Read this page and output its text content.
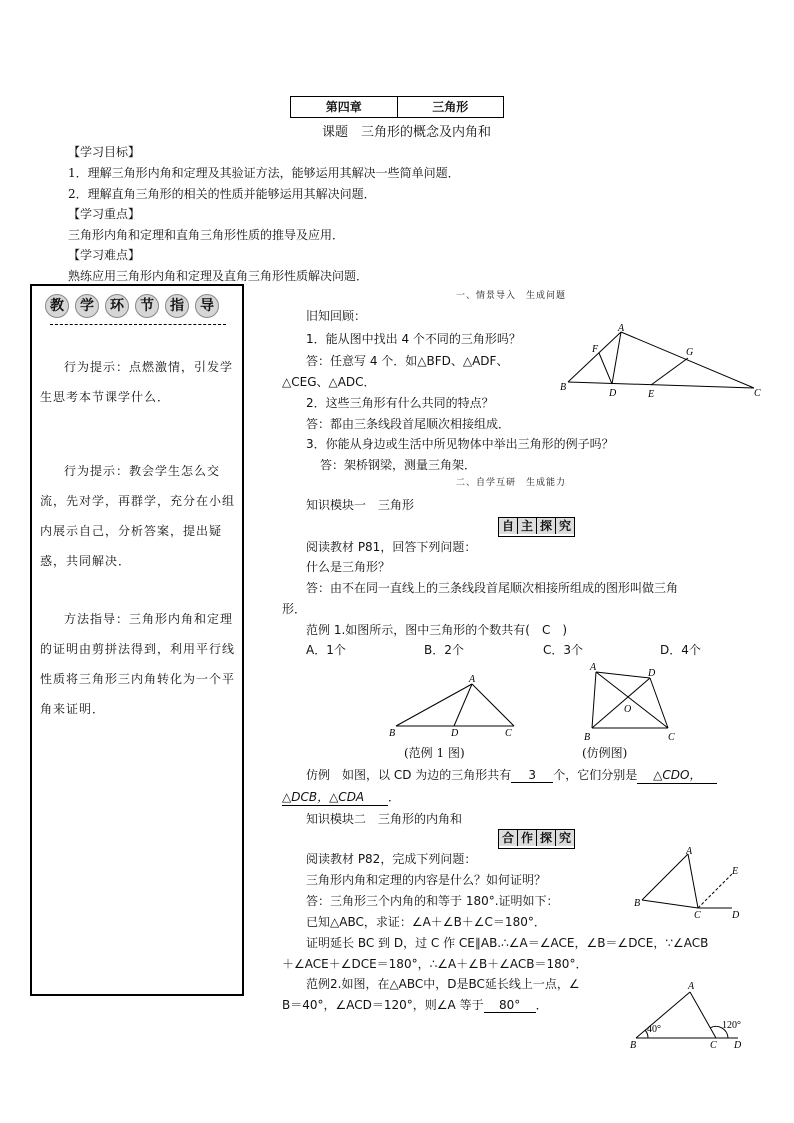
第四章	三角形
课题　三角形的概念及内角和
【学习目标】
1．理解三角形内角和定理及其验证方法，能够运用其解决一些简单问题．
2．理解直角三角形的相关的性质并能够运用其解决问题．
【学习重点】
三角形内角和定理和直角三角形性质的推导及应用．
【学习难点】
熟练应用三角形内角和定理及直角三角形性质解决问题．
教 学 环 节 指 导
行为提示：点燃激情，引发学生思考本节课学什么．
行为提示：教会学生怎么交流，先对学，再群学，充分在小组内展示自己，分析答案，提出疑惑，共同解决．
方法指导：三角形内角和定理的证明由剪拼法得到，利用平行线性质将三角形三内角转化为一个平角来证明．
一、情景导入　生成问题
旧知回顾：
1．能从图中找出 4 个不同的三角形吗？
答：任意写 4 个．如△BFD、△ADF、
△CEG、△ADC．
2．这些三角形有什么共同的特点？
答：都由三条线段首尾顺次相接组成．
3．你能从身边或生活中所见物体中举出三角形的例子吗？
答：架桥钢梁，测量三角架．
A
B
C
D	E
F	G
二、自学互研　生成能力
知识模块一　三角形
自 主 探 究
阅读教材 P81，回答下列问题：
什么是三角形？
答：由不在同一直线上的三条线段首尾顺次相接所组成的图形叫做三角
形．
范例 1.如图所示，图中三角形的个数共有(　C　)
A．1个	B．2个	C．3个	D．4个
A
B	D	C
(范例 1 图)
A
D
O
B	C
(仿例图)
仿例　如图，以 CD 为边的三角形共有 3 个，它们分别是 △CDO，
△DCB，△CDA ．
知识模块二　三角形的内角和
合 作 探 究
阅读教材 P82，完成下列问题：
三角形内角和定理的内容是什么？如何证明？
答：三角形三个内角的和等于 180°.证明如下：
已知△ABC，求证：∠A＋∠B＋∠C＝180°．
证明延长 BC 到 D，过 C 作 CE∥AB.∴∠A＝∠ACE，∠B＝∠DCE，∵∠ACB
＋∠ACE＋∠DCE＝180°，∴∠A＋∠B＋∠ACB＝180°．
A
B
C	D
E
范例2.如图，在△ABC中，D是BC延长线上一点，∠
B＝40°，∠ACD＝120°，则∠A 等于 80° ．
A
B	C D
40°	120°
